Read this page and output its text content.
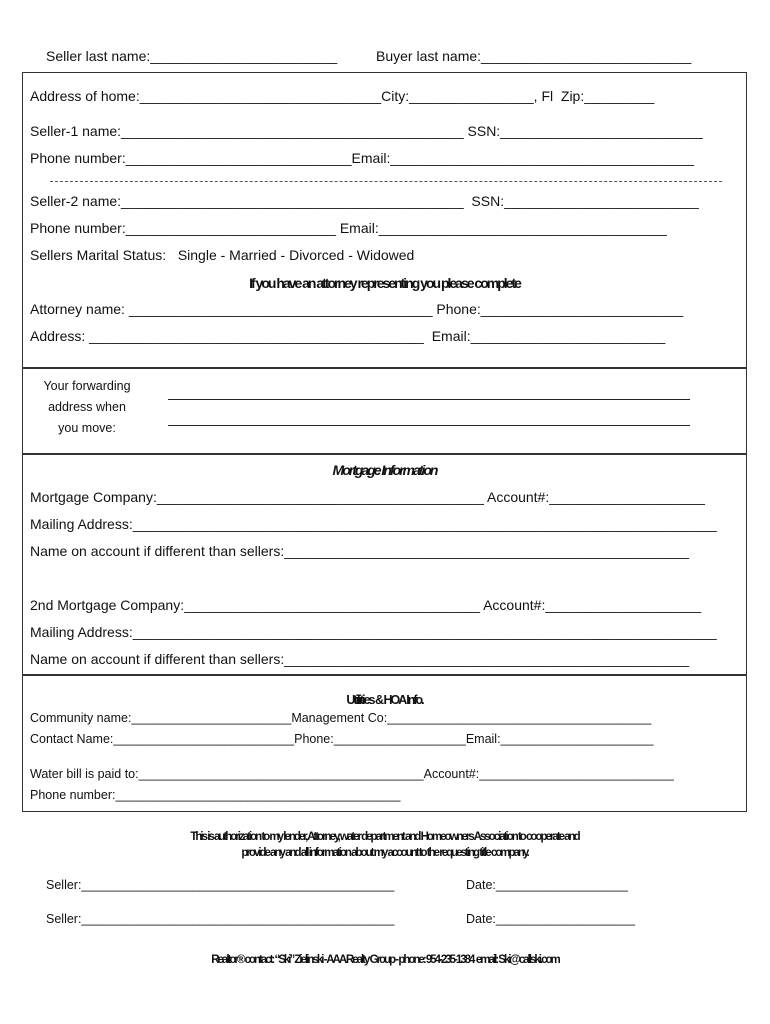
Seller last name:________________________	Buyer last name:___________________________
Address of home:_______________________________City:________________, Fl  Zip:_________
Seller-1 name:____________________________________________ SSN:__________________________
Phone number:_____________________________Email:_______________________________________
Seller-2 name:____________________________________________  SSN:_________________________
Phone number:___________________________ Email:_____________________________________
Sellers Marital Status:   Single - Married - Divorced - Widowed
If you have an attorney representing you please complete
Attorney name: _______________________________________ Phone:__________________________
Address: ___________________________________________  Email:_________________________
Your forwarding
address when
you move:
Mortgage Information
Mortgage Company:__________________________________________ Account#:____________________
Mailing Address:___________________________________________________________________________
Name on account if different than sellers:____________________________________________________
2nd Mortgage Company:______________________________________ Account#:____________________
Mailing Address:___________________________________________________________________________
Name on account if different than sellers:____________________________________________________
Utilities & HOA Info.
Community name:_______________________Management Co:______________________________________
Contact Name:__________________________Phone:___________________Email:______________________
Water bill is paid to:_________________________________________Account#:____________________________
Phone number:_________________________________________
This is authorization to my lender, Attorney, water department and Homeowners Association to cooperate and
provide any and all information about my account to the requesting title company.
Seller:_____________________________________________	Date:___________________
Seller:_____________________________________________	Date:____________________
Realtor® contact: “Ski” Zielinski - AAA Realty Group - phone: 954-235-1384  email: Ski@callski.com
